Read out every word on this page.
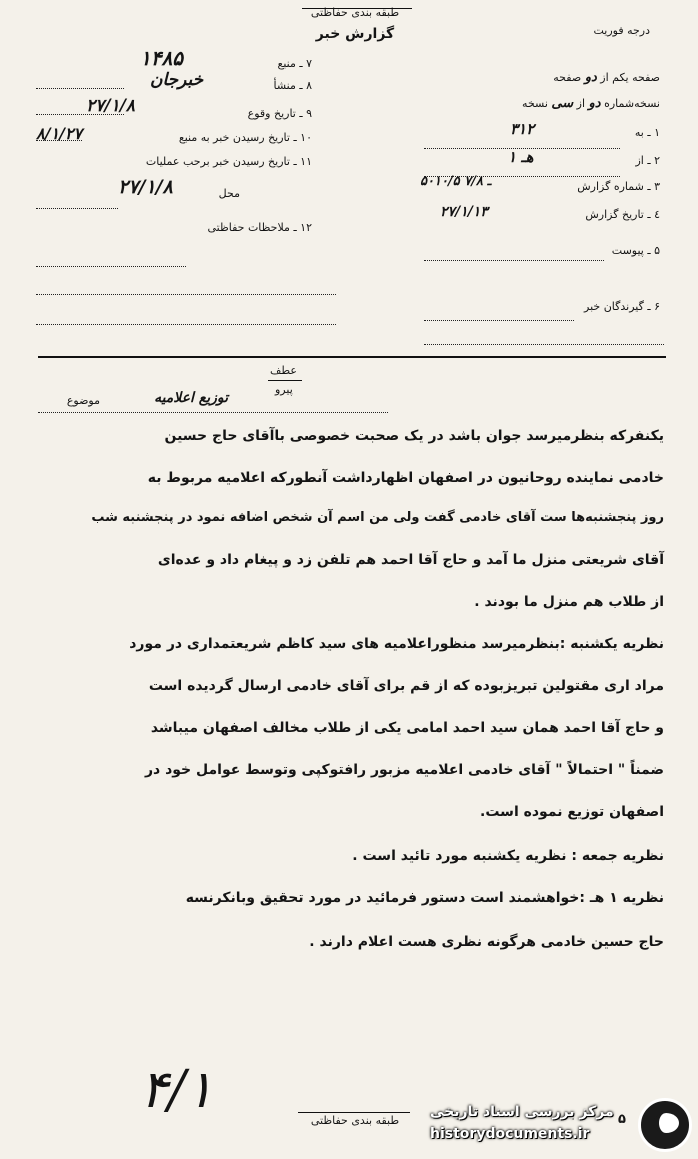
طبقه بندی حفاظتی
گزارش خبر	درجه فوریت
۷ ـ منبع
۱۴۸۵
۸ ـ منشأ
خبرجان
۹ ـ تاریخ وقوع
۲۷/۱/۸
۱۰ ـ تاریخ رسیدن خبر به منبع
۸/۱/۲۷
۱۱ ـ تاریخ رسیدن خبر برحب عملیات
محل
۲۷/۱/۸
۱۲ ـ ملاحظات حفاظتی
صفحه یکم از دو صفحه
نسخه‌شماره دو از سی نسخه
۱ ـ به
۳۱۲
۲ ـ از
۱ هـ
۳ ـ شماره گزارش
۵۰۱۰/۵ ـ ۷/۸
٤ ـ تاریخ گزارش
۲۷/۱/۱۳
۵ ـ پیوست
۶ ـ گیرندگان خبر
عطف
پیرو
موضوع	توزیع اعلامیه
یکنفرکه بنظرمیرسد جوان باشد در یک صحبت خصوصی باآقای حاج حسین
خادمی نماینده روحانیون در اصفهان اظهارداشت آنطورکه اعلامیه مربوط به
روز پنجشنبه‌ها ست آقای خادمی گفت ولی من اسم آن شخص اضافه نمود در پنجشنبه شب
آقای شریعتی منزل ما آمد و حاج آقا احمد هم تلفن زد و پیغام داد و عده‌ای
از طلاب هم منزل ما بودند .
نظریه یکشنبه :بنظرمیرسد منظوراعلامیه های سید کاظم شریعتمداری در مورد
مراد اری مقتولین تبریزبوده که از قم برای آقای خادمی ارسال گردیده است
و حاج آقا احمد همان سید احمد امامی یکی از طلاب مخالف اصفهان میباشد
ضمناً " احتمالاً " آقای خادمی اعلامیه مزبور رافتوکپی وتوسط عوامل خود در
اصفهان توزیع نموده است.
نظریه جمعه : نظریه یکشنبه مورد تائید است .
نظریه ۱ هـ :خواهشمند است دستور فرمائید در مورد تحقیق وبانکرنسه
حاج حسین خادمی هرگونه نظری هست اعلام دارند .
۴/۱
طبقه بندی حفاظتی	۵
مرکز بررسی اسناد تاریخی
historydocuments.ir
